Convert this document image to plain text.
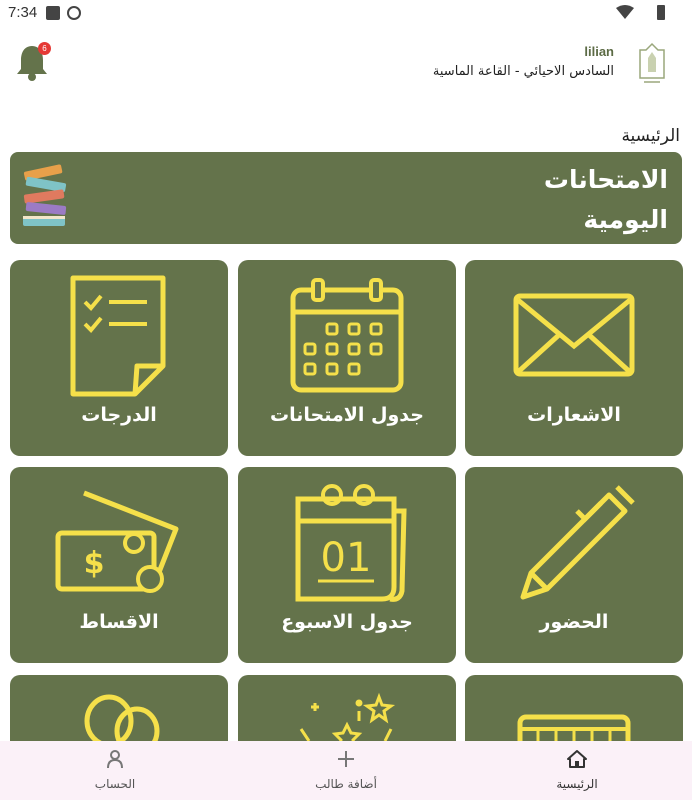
7:34
6	lilian
السادس الاحيائي - القاعة الماسية
الرئيسية
الامتحانات
اليومية
الاشعارات
جدول الامتحانات
الدرجات
الحضور
01
جدول الاسبوع
$
الاقساط
الرئيسية
أضافة طالب
الحساب
